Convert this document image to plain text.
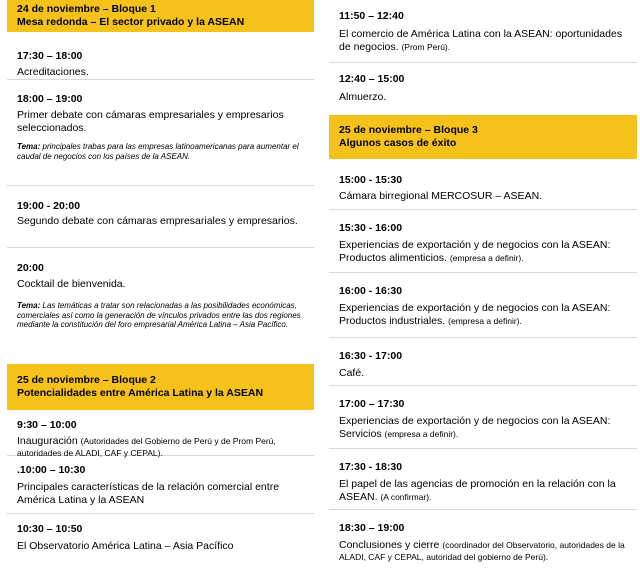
24 de noviembre – Bloque 1
Mesa redonda – El sector privado y la ASEAN
17:30 – 18:00
Acreditaciones.
18:00 – 19:00
Primer debate con cámaras empresariales y empresarios seleccionados.
Tema: principales trabas para las empresas latinoamericanas para aumentar el caudal de negocios con los países de la ASEAN.
19:00 - 20:00
Segundo debate con cámaras empresariales y empresarios.
20:00
Cocktail de bienvenida.
Tema: Las temáticas a tratar son relacionadas a las posibilidades económicas, comerciales así como la generación de vínculos privados entre las dos regiones mediante la constitución del foro empresarial América Latina – Asia Pacífico.
25 de noviembre – Bloque 2
Potencialidades entre América Latina y la ASEAN
9:30 – 10:00
Inauguración (Autoridades del Gobierno de Perú y de Prom Perú, autoridades de ALADI, CAF y CEPAL).
.10:00 – 10:30
Principales características de la relación comercial entre América Latina y la ASEAN
10:30 – 10:50
El Observatorio América Latina – Asia Pacífico
11:50 – 12:40
El comercio de América Latina con la ASEAN: oportunidades de negocios. (Prom Perú).
12:40 – 15:00
Almuerzo.
25 de noviembre – Bloque 3
Algunos casos de éxito
15:00 - 15:30
Cámara birregional MERCOSUR – ASEAN.
15:30 - 16:00
Experiencias de exportación y de negocios con la ASEAN: Productos alimenticios. (empresa a definir).
16:00 - 16:30
Experiencias de exportación y de negocios con la ASEAN: Productos industriales. (empresa a definir).
16:30 - 17:00
Café.
17:00 – 17:30
Experiencias de exportación y de negocios con la ASEAN: Servicios (empresa a definir).
17:30 - 18:30
El papel de las agencias de promoción en la relación con la ASEAN. (A confirmar).
18:30 – 19:00
Conclusiones y cierre (coordinador del Observatorio, autoridades de la ALADI, CAF y CEPAL, autoridad del gobierno de Perú).
